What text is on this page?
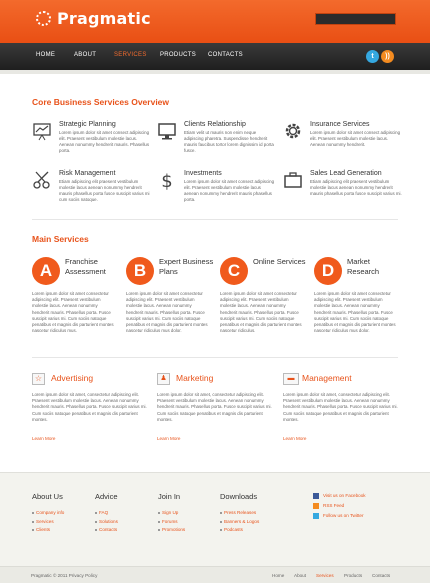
Pragmatic
HOME	ABOUT	SERVICES PRODUCTS CONTACTS	t	))
Core Business Services Overview
Strategic Planning
Lorem ipsum dolor sit amet consect adipiscing elit. Praesent vestibulum molestie lacus. Aenean nonummy hendrerit mauris. Phasellus porta.
Clients Relationship
Etiam velit ut mauris non enim neque adipiscing pharetra. Suspendisse hendrerit mauris faucibus tortor lorem dignissim id porta fusce.
Insurance Services
Lorem ipsum dolor sit amet consect adipiscing elit. Praesent vestibulum molestie lacus. Aenean nonummy hendrerit.
Risk Management
Etiam adipiscing elit praesent vestibulum molestie lacus aenean nonummy hendrerit mauris phasellus porta fusce suscipit varius mi cum sociis natoque.
$ Investments
Lorem ipsum dolor sit amet consect adipiscing elit. Praesent vestibulum molestie lacus aenean nonummy hendrerit mauris phasellus porta.
Sales Lead Generation
Etiam adipiscing elit praesent vestibulum molestie lacus aenean nonummy hendrerit mauris phasellus porta fusce suscipit varius mi.
Main Services
A	Franchise Assessment
Lorem ipsum dolor sit amet consectetur adipiscing elit. Praesent vestibulum molestie lacus. Aenean nonummy hendrerit mauris. Phasellus porta. Fusce suscipit varius mi. Cum sociis natoque penatibus et magnis dis parturient montes nascetur ridiculus mus.
B	Expert Business Plans
Lorem ipsum dolor sit amet consectetur adipiscing elit. Praesent vestibulum molestie lacus. Aenean nonummy hendrerit mauris. Phasellus porta. Fusce suscipit varius mi. Cum sociis natoque penatibus et magnis dis parturient montes nascetur ridiculus mus dolor.
C	Online Services
Lorem ipsum dolor sit amet consectetur adipiscing elit. Praesent vestibulum molestie lacus. Aenean nonummy hendrerit mauris. Phasellus porta. Fusce suscipit varius mi. Cum sociis natoque penatibus et magnis dis parturient montes nascetur ridiculus.
D	Market Research
Lorem ipsum dolor sit amet consectetur adipiscing elit. Praesent vestibulum molestie lacus. Aenean nonummy hendrerit mauris. Phasellus porta. Fusce suscipit varius mi. Cum sociis natoque penatibus et magnis dis parturient montes nascetur ridiculus mus dolor.
☆	Advertising
Lorem ipsum dolor sit amet, consectetur adipiscing elit. Praesent vestibulum molestie lacus. Aenean nonummy hendrerit mauris. Phasellus porta. Fusce suscipit varius mi. Cum sociis natoque penatibus et magnis dis parturient montes.
Learn More
♟	Marketing
Lorem ipsum dolor sit amet, consectetur adipiscing elit. Praesent vestibulum molestie lacus. Aenean nonummy hendrerit mauris. Phasellus porta. Fusce suscipit varius mi. Cum sociis natoque penatibus et magnis dis parturient montes.
Learn More
▬ Management
Lorem ipsum dolor sit amet, consectetur adipiscing elit. Praesent vestibulum molestie lacus. Aenean nonummy hendrerit mauris. Phasellus porta. Fusce suscipit varius mi. Cum sociis natoque penatibus et magnis dis parturient montes.
Learn More
About Us
Company info
Services
Clients
Advice
FAQ
Solutions
Contacts
Join In
Sign Up
Forums
Promotions
Downloads
Press Releases
Banners & Logos
Podcasts
Visit us on Facebook
RSS Feed
Follow us on Twitter
Pragmatic © 2011 Privacy Policy	Home About Services Products Contacts
